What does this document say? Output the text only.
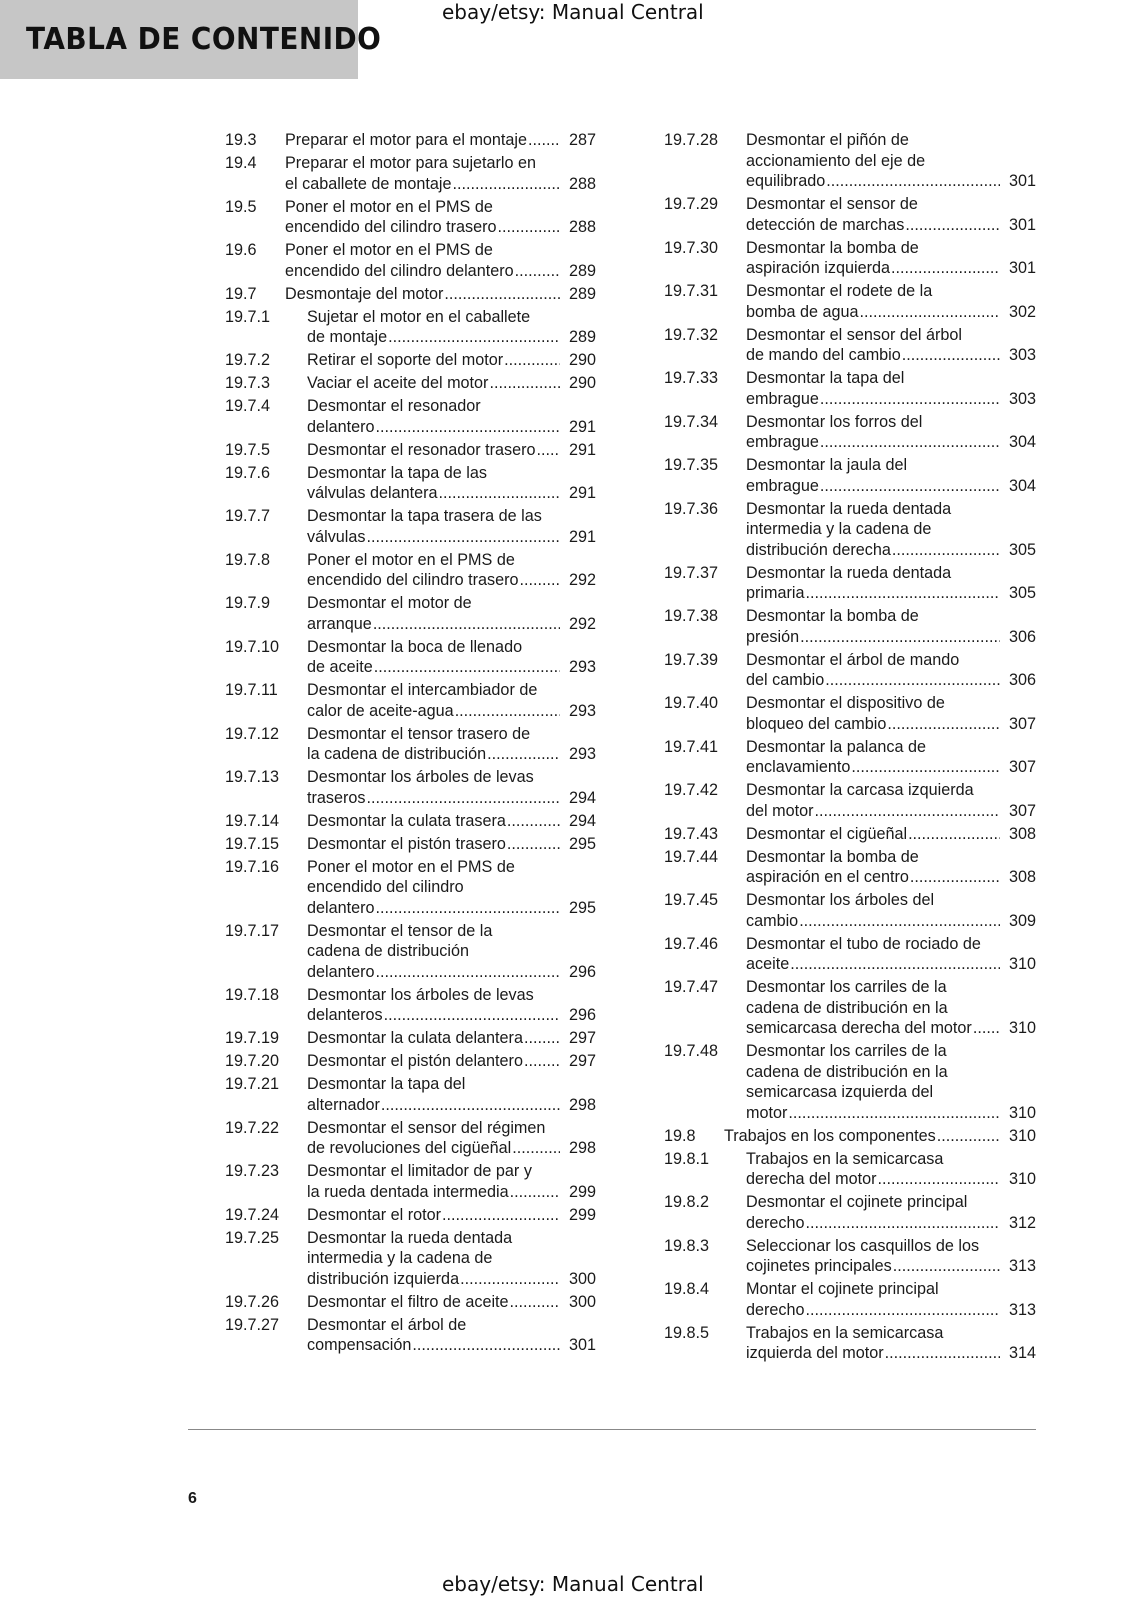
TABLA DE CONTENIDO
ebay/etsy: Manual Central
19.3 Preparar el motor para el montaje .....	287
19.4 Preparar el motor para sujetarlo en
el caballete de montaje .....	288
19.5 Poner el motor en el PMS de
encendido del cilindro trasero .....	288
19.6 Poner el motor en el PMS de
encendido del cilindro delantero .....	289
19.7 Desmontaje del motor .....	289
19.7.1 Sujetar el motor en el caballete
de montaje .....	289
19.7.2 Retirar el soporte del motor .....	290
19.7.3 Vaciar el aceite del motor .....	290
19.7.4 Desmontar el resonador
delantero .....	291
19.7.5 Desmontar el resonador trasero .....	291
19.7.6 Desmontar la tapa de las
válvulas delantera .....	291
19.7.7 Desmontar la tapa trasera de las
válvulas .....	291
19.7.8 Poner el motor en el PMS de
encendido del cilindro trasero .....	292
19.7.9 Desmontar el motor de
arranque .....	292
19.7.10 Desmontar la boca de llenado
de aceite .....	293
19.7.11 Desmontar el intercambiador de
calor de aceite-agua .....	293
19.7.12 Desmontar el tensor trasero de
la cadena de distribución .....	293
19.7.13 Desmontar los árboles de levas
traseros .....	294
19.7.14 Desmontar la culata trasera .....	294
19.7.15 Desmontar el pistón trasero .....	295
19.7.16 Poner el motor en el PMS de
encendido del cilindro
delantero .....	295
19.7.17 Desmontar el tensor de la
cadena de distribución
delantero .....	296
19.7.18 Desmontar los árboles de levas
delanteros .....	296
19.7.19 Desmontar la culata delantera .....	297
19.7.20 Desmontar el pistón delantero .....	297
19.7.21 Desmontar la tapa del
alternador .....	298
19.7.22 Desmontar el sensor del régimen
de revoluciones del cigüeñal .....	298
19.7.23 Desmontar el limitador de par y
la rueda dentada intermedia .....	299
19.7.24 Desmontar el rotor .....	299
19.7.25 Desmontar la rueda dentada
intermedia y la cadena de
distribución izquierda .....	300
19.7.26 Desmontar el filtro de aceite .....	300
19.7.27 Desmontar el árbol de
compensación .....	301
19.7.28 Desmontar el piñón de
accionamiento del eje de
equilibrado .....	301
19.7.29 Desmontar el sensor de
detección de marchas .....	301
19.7.30 Desmontar la bomba de
aspiración izquierda .....	301
19.7.31 Desmontar el rodete de la
bomba de agua .....	302
19.7.32 Desmontar el sensor del árbol
de mando del cambio .....	303
19.7.33 Desmontar la tapa del
embrague .....	303
19.7.34 Desmontar los forros del
embrague .....	304
19.7.35 Desmontar la jaula del
embrague .....	304
19.7.36 Desmontar la rueda dentada
intermedia y la cadena de
distribución derecha .....	305
19.7.37 Desmontar la rueda dentada
primaria .....	305
19.7.38 Desmontar la bomba de
presión .....	306
19.7.39 Desmontar el árbol de mando
del cambio .....	306
19.7.40 Desmontar el dispositivo de
bloqueo del cambio .....	307
19.7.41 Desmontar la palanca de
enclavamiento .....	307
19.7.42 Desmontar la carcasa izquierda
del motor .....	307
19.7.43 Desmontar el cigüeñal .....	308
19.7.44 Desmontar la bomba de
aspiración en el centro .....	308
19.7.45 Desmontar los árboles del
cambio .....	309
19.7.46 Desmontar el tubo de rociado de
aceite .....	310
19.7.47 Desmontar los carriles de la
cadena de distribución en la
semicarcasa derecha del motor .....	310
19.7.48 Desmontar los carriles de la
cadena de distribución en la
semicarcasa izquierda del
motor .....	310
19.8 Trabajos en los componentes .....	310
19.8.1 Trabajos en la semicarcasa
derecha del motor .....	310
19.8.2 Desmontar el cojinete principal
derecho .....	312
19.8.3 Seleccionar los casquillos de los
cojinetes principales .....	313
19.8.4 Montar el cojinete principal
derecho .....	313
19.8.5 Trabajos en la semicarcasa
izquierda del motor .....	314
6
ebay/etsy: Manual Central
